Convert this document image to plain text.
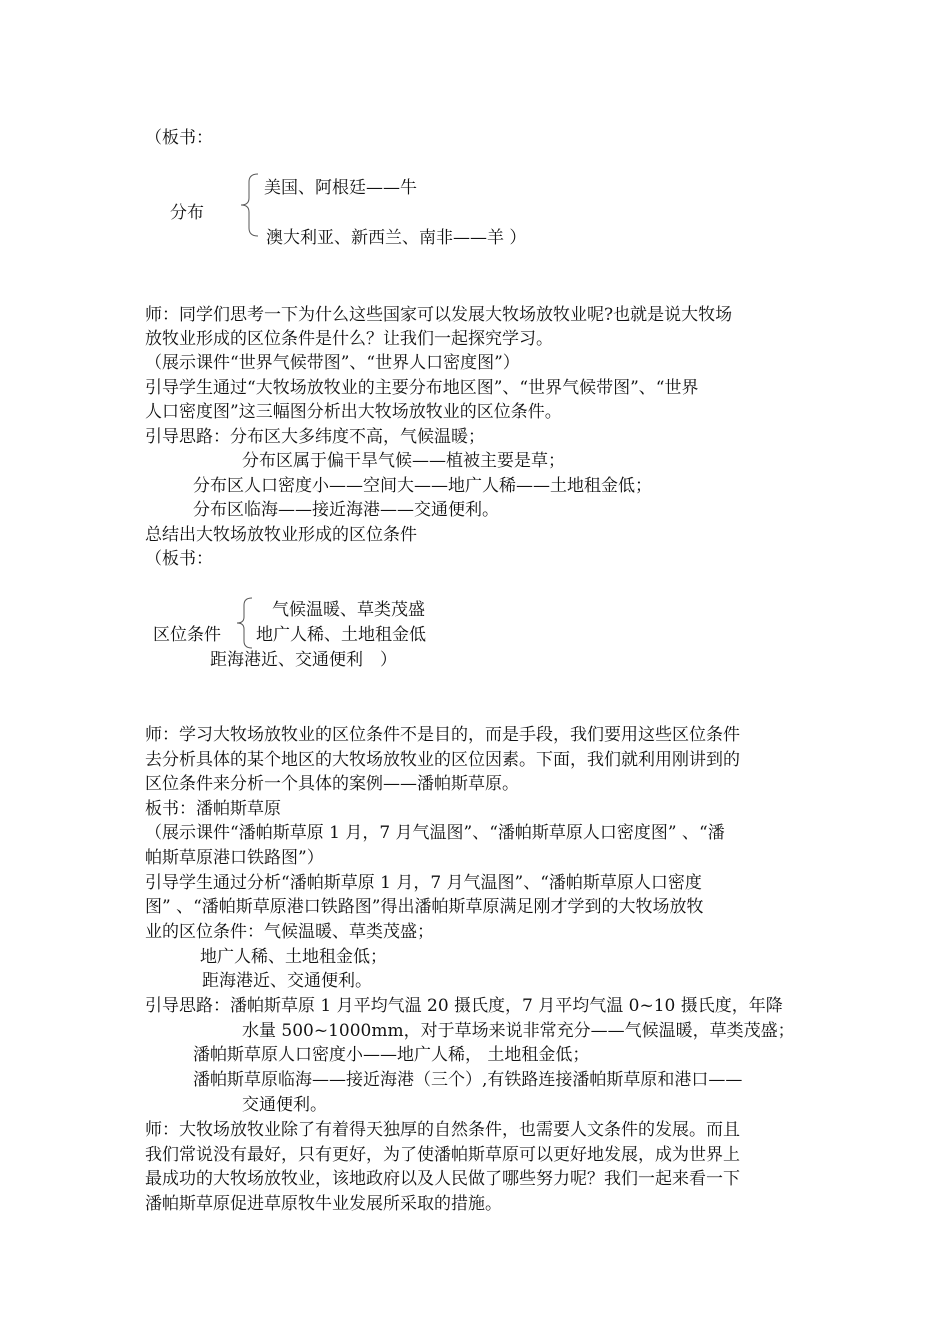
（板书：
分布
美国、阿根廷——牛
澳大利亚、新西兰、南非——羊 ）
师：同学们思考一下为什么这些国家可以发展大牧场放牧业呢?也就是说大牧场
放牧业形成的区位条件是什么？让我们一起探究学习。
（展示课件“世界气候带图”、“世界人口密度图”）
引导学生通过“大牧场放牧业的主要分布地区图”、“世界气候带图”、“世界
人口密度图”这三幅图分析出大牧场放牧业的区位条件。
引导思路：分布区大多纬度不高，气候温暖；
分布区属于偏干旱气候——植被主要是草；
分布区人口密度小——空间大——地广人稀——土地租金低；
分布区临海——接近海港——交通便利。
总结出大牧场放牧业形成的区位条件
（板书：
气候温暖、草类茂盛
区位条件 地广人稀、土地租金低
距海港近、交通便利　）
师：学习大牧场放牧业的区位条件不是目的，而是手段，我们要用这些区位条件
去分析具体的某个地区的大牧场放牧业的区位因素。下面，我们就利用刚讲到的
区位条件来分析一个具体的案例——潘帕斯草原。
板书：潘帕斯草原
（展示课件“潘帕斯草原 1 月，7 月气温图”、“潘帕斯草原人口密度图” 、“潘
帕斯草原港口铁路图”）
引导学生通过分析“潘帕斯草原 1 月，7 月气温图”、“潘帕斯草原人口密度
图” 、“潘帕斯草原港口铁路图”得出潘帕斯草原满足刚才学到的大牧场放牧
业的区位条件：气候温暖、草类茂盛；
地广人稀、土地租金低；
距海港近、交通便利。
引导思路：潘帕斯草原 1 月平均气温 20 摄氏度，7 月平均气温 0~10 摄氏度，年降
水量 500~1000mm，对于草场来说非常充分——气候温暖，草类茂盛；
潘帕斯草原人口密度小——地广人稀， 土地租金低；
潘帕斯草原临海——接近海港（三个）,有铁路连接潘帕斯草原和港口——
交通便利。
师：大牧场放牧业除了有着得天独厚的自然条件，也需要人文条件的发展。而且
我们常说没有最好，只有更好，为了使潘帕斯草原可以更好地发展，成为世界上
最成功的大牧场放牧业，该地政府以及人民做了哪些努力呢？我们一起来看一下
潘帕斯草原促进草原牧牛业发展所采取的措施。
